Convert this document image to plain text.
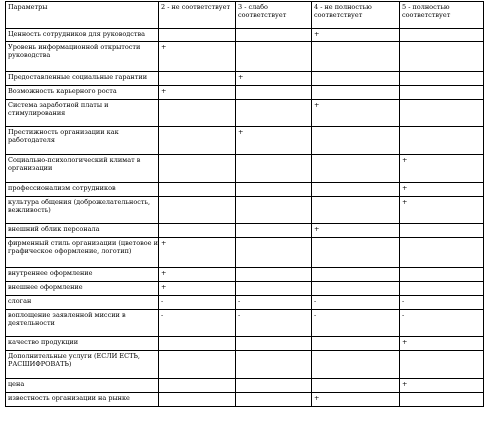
Параметры	2 - не соответствует	3 - слабо соответствует	4 - не полностью соответствует	5 - полностью соответствует
Ценность сотрудников для руководства			+	
Уровень информационной открытости руководства	+			
Предоставленные социальные гарантии		+		
Возможность карьерного роста	+			
Система заработной платы и стимулирования			+	
Престижность организации как работодателя		+		
Социально-психологический климат в организации				+
профессионализм сотрудников				+
культура общения (доброжелательность, вежливость)				+
внешний облик персонала			+	
фирменный стиль организации (цветовое и графическое оформление, логотип)	+			
внутреннее оформление	+			
внешнее оформление	+			
слоган	-	-	-	-
воплощение заявленной миссии в деятельности	-	-	-	-
качество продукции				+
Дополнительные услуги (ЕСЛИ ЕСТЬ, РАСШИФРОВАТЬ)				
цена				+
известность организации на рынке			+	
